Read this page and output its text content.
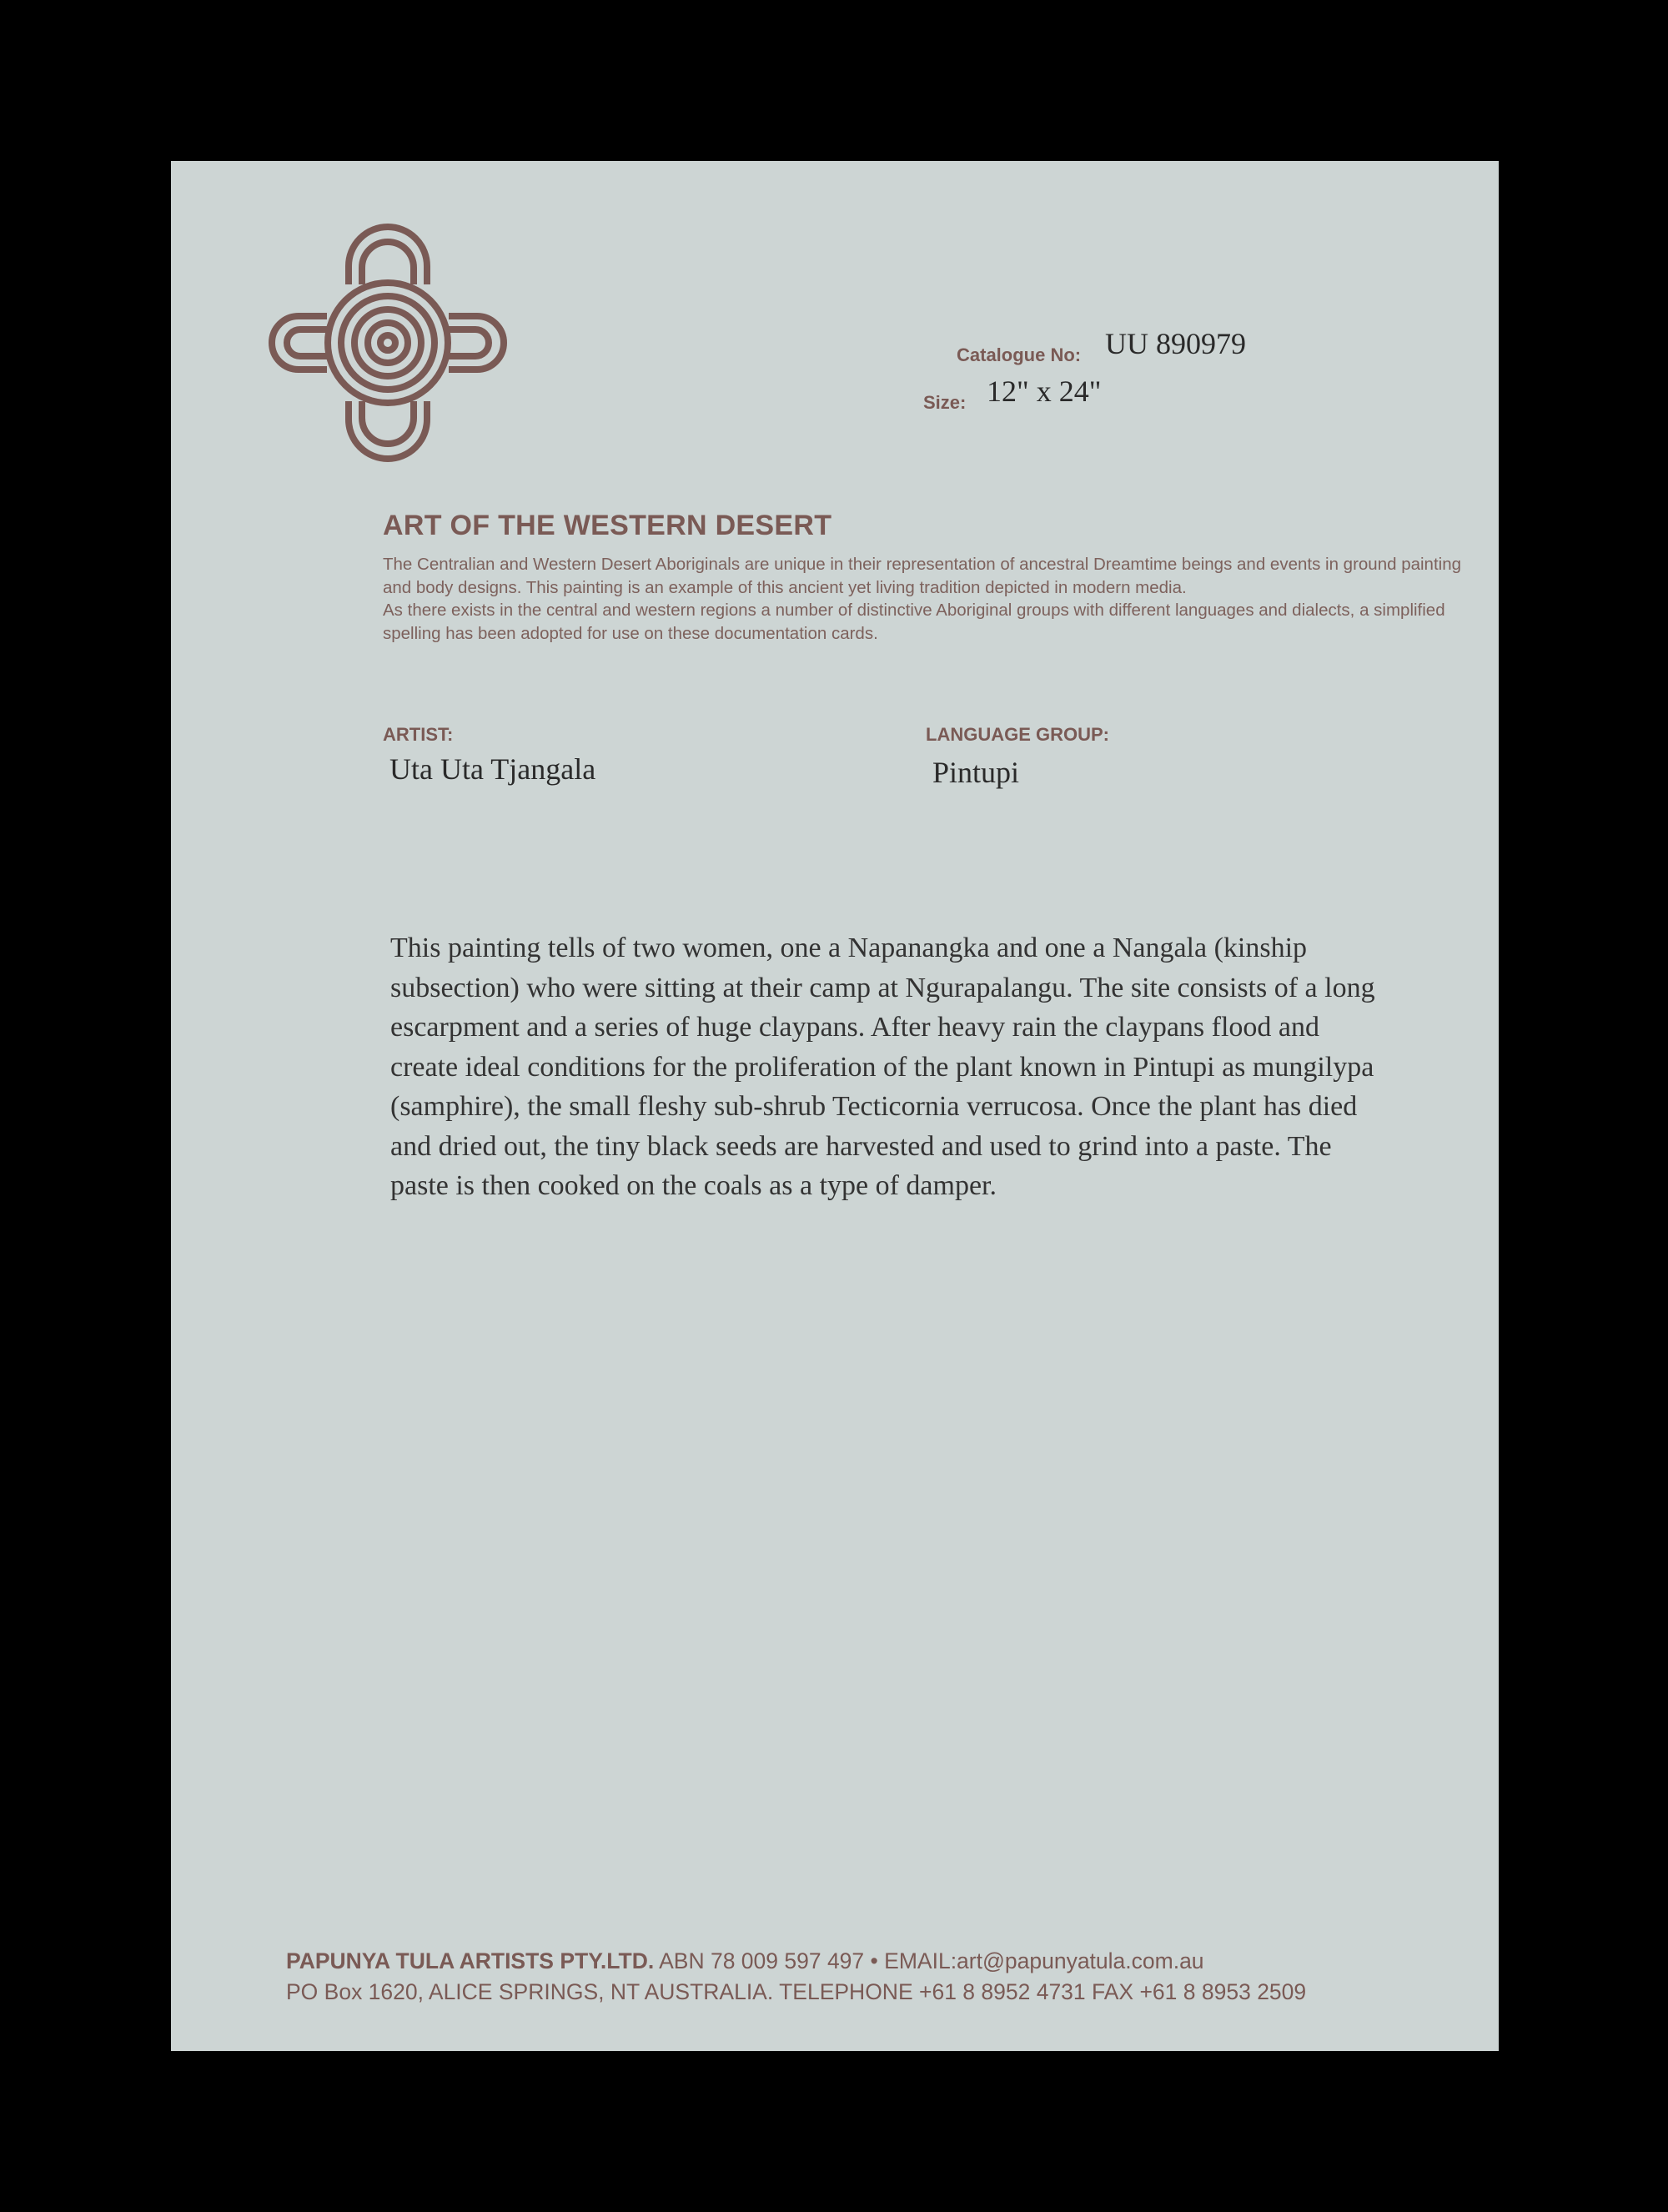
Catalogue No: UU 890979
Size: 12" x 24"
ART OF THE WESTERN DESERT

The Centralian and Western Desert Aboriginals are unique in their representation of ancestral Dreamtime beings and events in ground painting and body designs. This painting is an example of this ancient yet living tradition depicted in modern media.

As there exists in the central and western regions a number of distinctive Aboriginal groups with different languages and dialects, a simplified spelling has been adopted for use on these documentation cards.

ARTIST:
Uta Uta Tjangala
LANGUAGE GROUP:
Pintupi

This painting tells of two women, one a Napanangka and one a Nangala (kinship subsection) who were sitting at their camp at Ngurapalangu. The site consists of a long escarpment and a series of huge claypans. After heavy rain the claypans flood and create ideal conditions for the proliferation of the plant known in Pintupi as mungilypa (samphire), the small fleshy sub-shrub Tecticornia verrucosa. Once the plant has died and dried out, the tiny black seeds are harvested and used to grind into a paste. The paste is then cooked on the coals as a type of damper.

PAPUNYA TULA ARTISTS PTY.LTD. ABN 78 009 597 497 • EMAIL:art@papunyatula.com.au
PO Box 1620, ALICE SPRINGS, NT AUSTRALIA. TELEPHONE +61 8 8952 4731 FAX +61 8 8953 2509
